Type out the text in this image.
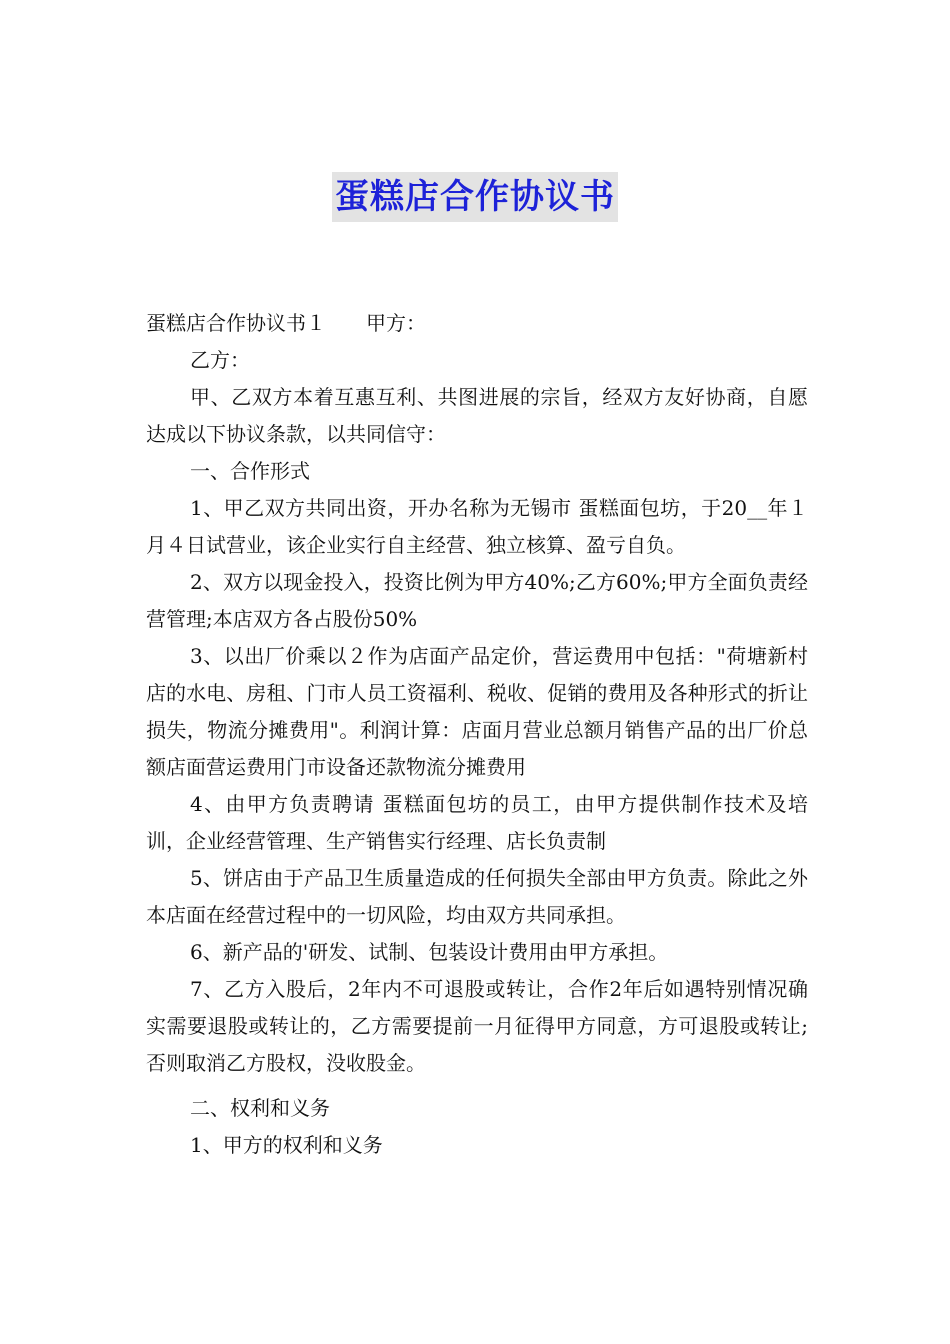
蛋糕店合作协议书

蛋糕店合作协议书１ 甲方：

乙方：

甲、乙双方本着互惠互利、共图进展的宗旨，经双方友好协商，自愿达成以下协议条款，以共同信守：

一、合作形式

1、甲乙双方共同出资，开办名称为无锡市 蛋糕面包坊，于20__年１月４日试营业，该企业实行自主经营、独立核算、盈亏自负。

2、双方以现金投入，投资比例为甲方40%;乙方60%;甲方全面负责经营管理;本店双方各占股份50%

3、以出厂价乘以２作为店面产品定价，营运费用中包括："荷塘新村店的水电、房租、门市人员工资福利、税收、促销的费用及各种形式的折让损失，物流分摊费用"。利润计算：店面月营业总额月销售产品的出厂价总额店面营运费用门市设备还款物流分摊费用

4、由甲方负责聘请 蛋糕面包坊的员工，由甲方提供制作技术及培训，企业经营管理、生产销售实行经理、店长负责制

5、饼店由于产品卫生质量造成的任何损失全部由甲方负责。除此之外本店面在经营过程中的一切风险，均由双方共同承担。

6、新产品的'研发、试制、包装设计费用由甲方承担。

7、乙方入股后，2年内不可退股或转让，合作2年后如遇特别情况确实需要退股或转让的，乙方需要提前一月征得甲方同意，方可退股或转让;否则取消乙方股权，没收股金。

二、权利和义务

1、甲方的权利和义务
